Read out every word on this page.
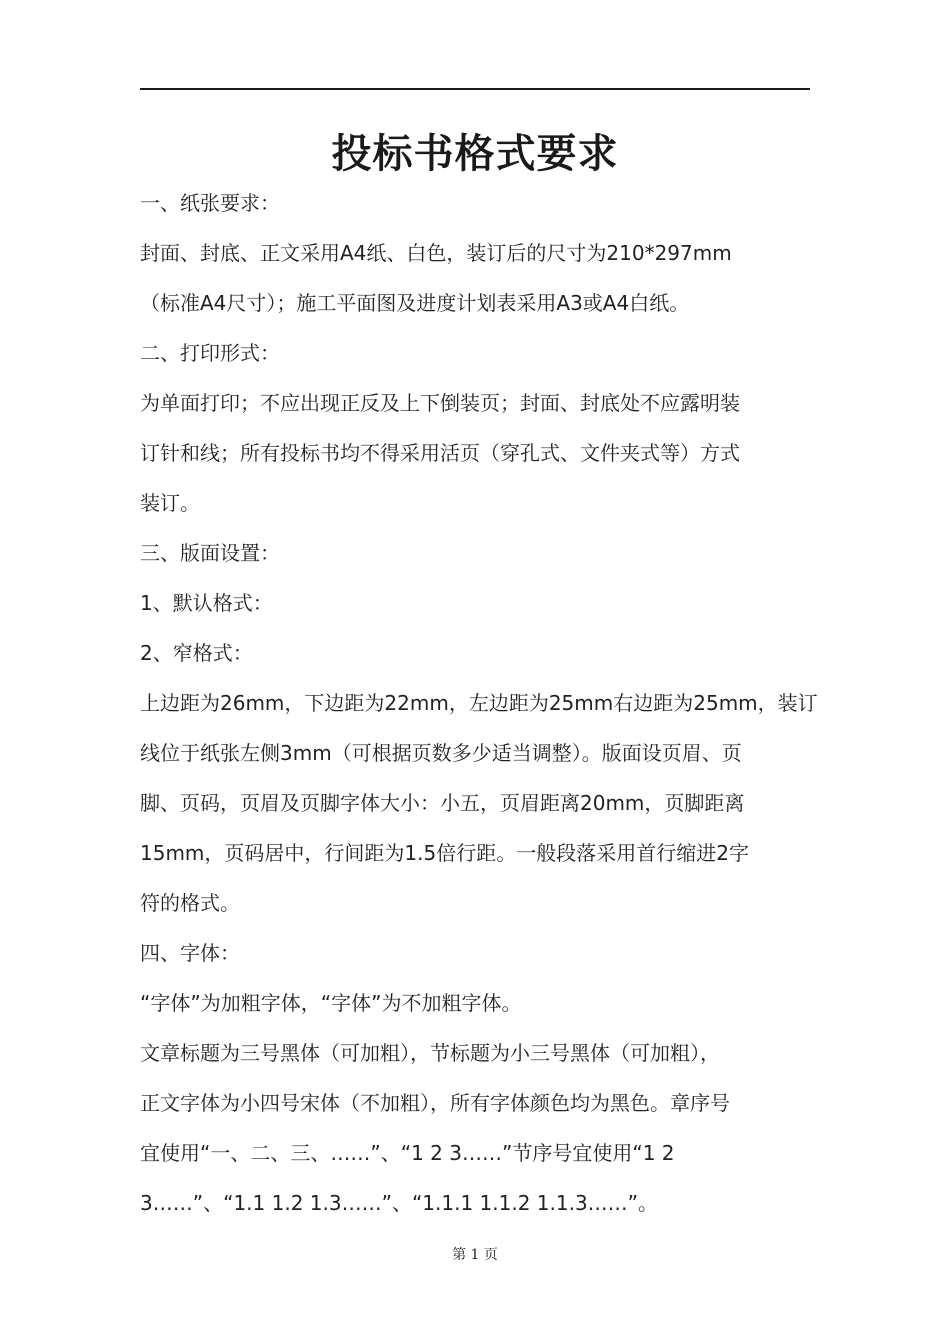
投标书格式要求
一、纸张要求：
封面、封底、正文采用A4纸、白色，装订后的尺寸为210*297mm
（标准A4尺寸）；施工平面图及进度计划表采用A3或A4白纸。
二、打印形式：
为单面打印；不应出现正反及上下倒装页；封面、封底处不应露明装
订针和线；所有投标书均不得采用活页（穿孔式、文件夹式等）方式
装订。
三、版面设置：
1、默认格式：
2、窄格式：
上边距为26mm，下边距为22mm，左边距为25mm右边距为25mm，装订
线位于纸张左侧3mm（可根据页数多少适当调整）。版面设页眉、页
脚、页码，页眉及页脚字体大小：小五，页眉距离20mm，页脚距离
15mm，页码居中，行间距为1.5倍行距。一般段落采用首行缩进2字
符的格式。
四、字体：
“字体”为加粗字体，“字体”为不加粗字体。
文章标题为三号黑体（可加粗），节标题为小三号黑体（可加粗），
正文字体为小四号宋体（不加粗），所有字体颜色均为黑色。章序号
宜使用“一、二、三、……”、“1 2 3……”节序号宜使用“1 2
3……”、“1.1 1.2 1.3……”、“1.1.1 1.1.2 1.1.3……”。
第 1 页
